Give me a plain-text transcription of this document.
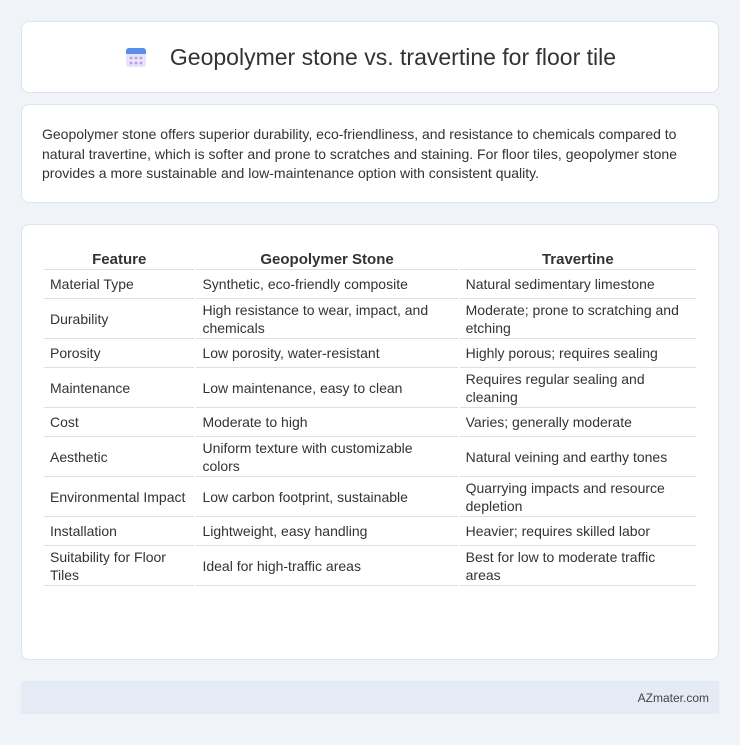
Geopolymer stone vs. travertine for floor tile

Geopolymer stone offers superior durability, eco-friendliness, and resistance to chemicals compared to natural travertine, which is softer and prone to scratches and staining. For floor tiles, geopolymer stone provides a more sustainable and low-maintenance option with consistent quality.

Feature	Geopolymer Stone	Travertine
Material Type	Synthetic, eco-friendly composite	Natural sedimentary limestone
Durability	High resistance to wear, impact, and chemicals	Moderate; prone to scratching and etching
Porosity	Low porosity, water-resistant	Highly porous; requires sealing
Maintenance	Low maintenance, easy to clean	Requires regular sealing and cleaning
Cost	Moderate to high	Varies; generally moderate
Aesthetic	Uniform texture with customizable colors	Natural veining and earthy tones
Environmental Impact	Low carbon footprint, sustainable	Quarrying impacts and resource depletion
Installation	Lightweight, easy handling	Heavier; requires skilled labor
Suitability for Floor Tiles	Ideal for high-traffic areas	Best for low to moderate traffic areas
AZmater.com
